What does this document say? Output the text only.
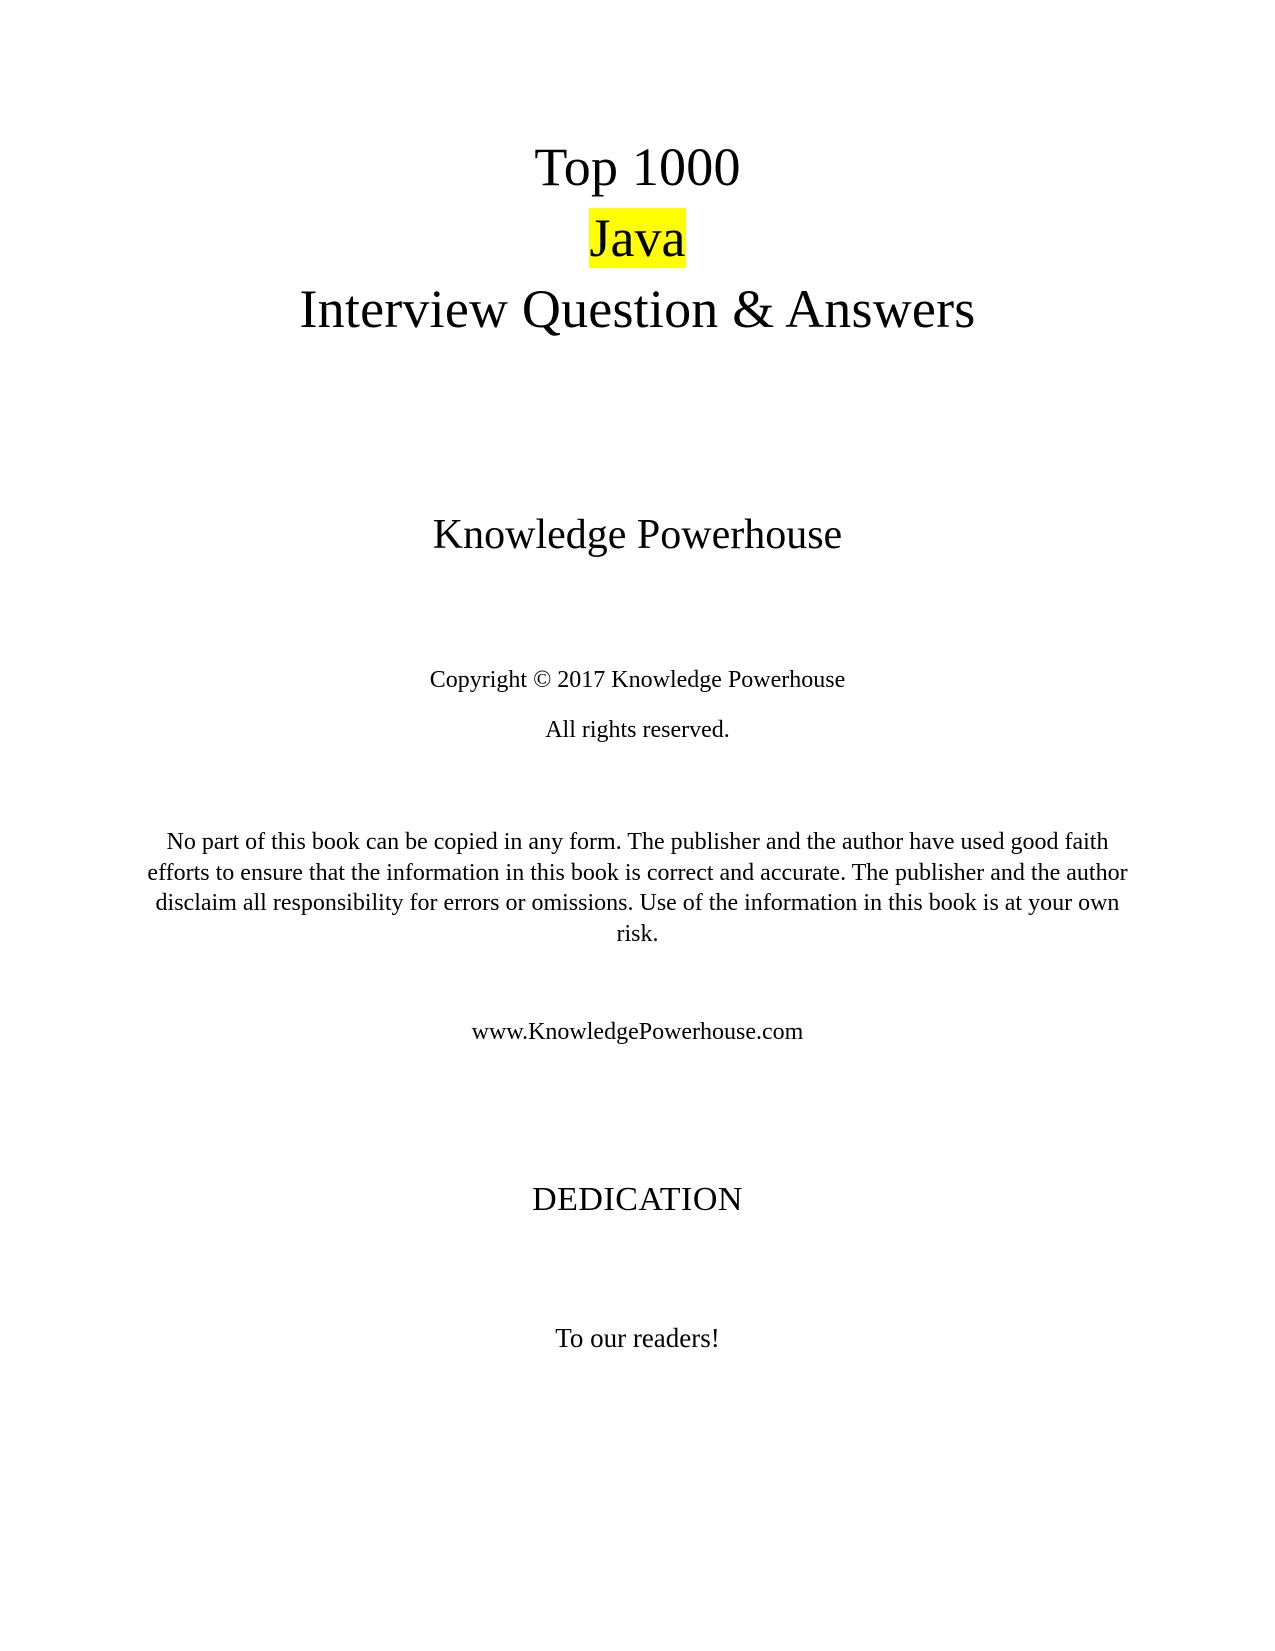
Top 1000
Java
Interview Question & Answers
Knowledge Powerhouse
Copyright © 2017 Knowledge Powerhouse
All rights reserved.
No part of this book can be copied in any form. The publisher and the author have used good faith efforts to ensure that the information in this book is correct and accurate. The publisher and the author disclaim all responsibility for errors or omissions. Use of the information in this book is at your own risk.
www.KnowledgePowerhouse.com
DEDICATION
To our readers!
